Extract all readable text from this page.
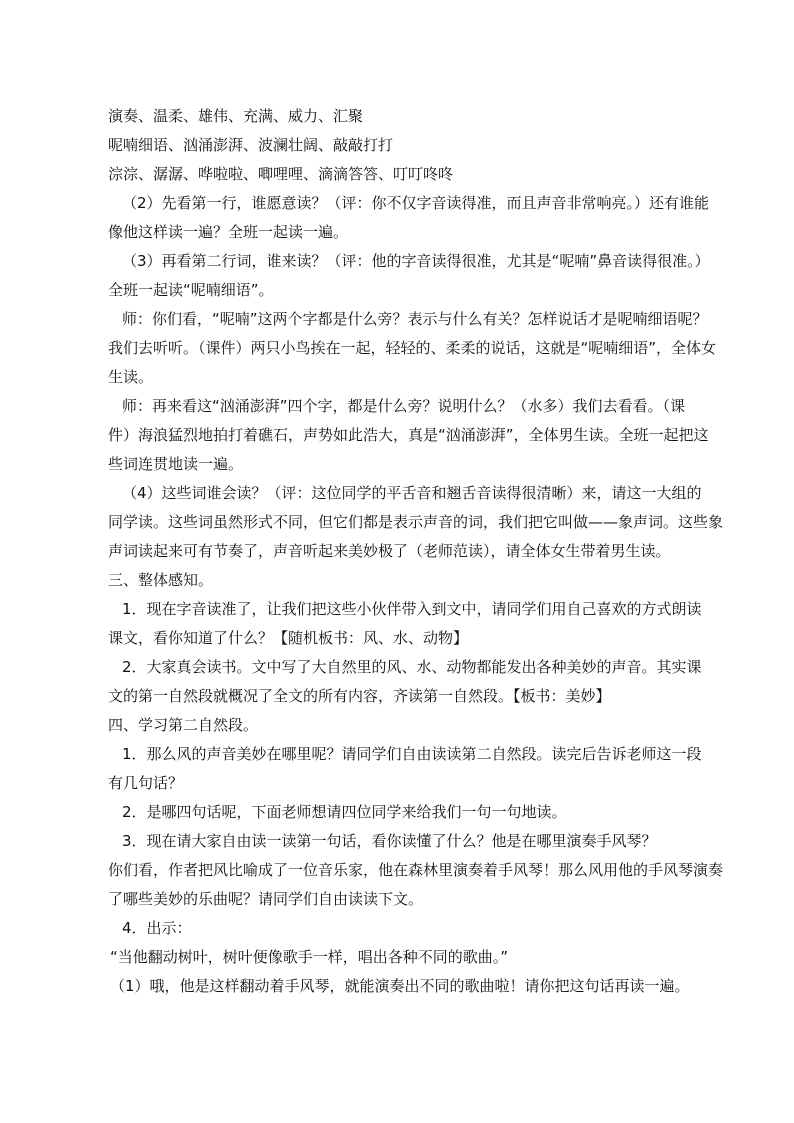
演奏、温柔、雄伟、充满、威力、汇聚
呢喃细语、汹涌澎湃、波澜壮阔、敲敲打打
淙淙、潺潺、哗啦啦、唧哩哩、滴滴答答、叮叮咚咚
（2）先看第一行，谁愿意读？（评：你不仅字音读得准，而且声音非常响亮。）还有谁能
像他这样读一遍？全班一起读一遍。
（3）再看第二行词，谁来读？（评：他的字音读得很准，尤其是“呢喃”鼻音读得很准。）
全班一起读“呢喃细语”。
师：你们看，“呢喃”这两个字都是什么旁？表示与什么有关？怎样说话才是呢喃细语呢？
我们去听听。（课件）两只小鸟挨在一起，轻轻的、柔柔的说话，这就是“呢喃细语”，全体女
生读。
师：再来看这“汹涌澎湃”四个字，都是什么旁？说明什么？（水多）我们去看看。（课
件）海浪猛烈地拍打着礁石，声势如此浩大，真是“汹涌澎湃”，全体男生读。全班一起把这
些词连贯地读一遍。
（4）这些词谁会读？（评：这位同学的平舌音和翘舌音读得很清晰）来，请这一大组的
同学读。这些词虽然形式不同，但它们都是表示声音的词，我们把它叫做——象声词。这些象
声词读起来可有节奏了，声音听起来美妙极了（老师范读），请全体女生带着男生读。
三、整体感知。
1．现在字音读准了，让我们把这些小伙伴带入到文中，请同学们用自己喜欢的方式朗读
课文，看你知道了什么？【随机板书：风、水、动物】
2．大家真会读书。文中写了大自然里的风、水、动物都能发出各种美妙的声音。其实课
文的第一自然段就概况了全文的所有内容，齐读第一自然段。【板书：美妙】
四、学习第二自然段。
1．那么风的声音美妙在哪里呢？请同学们自由读读第二自然段。读完后告诉老师这一段
有几句话？
2．是哪四句话呢，下面老师想请四位同学来给我们一句一句地读。
3．现在请大家自由读一读第一句话，看你读懂了什么？他是在哪里演奏手风琴？
你们看，作者把风比喻成了一位音乐家，他在森林里演奏着手风琴！那么风用他的手风琴演奏
了哪些美妙的乐曲呢？请同学们自由读读下文。
4．出示：
“当他翻动树叶，树叶便像歌手一样，唱出各种不同的歌曲。”
（1）哦，他是这样翻动着手风琴，就能演奏出不同的歌曲啦！请你把这句话再读一遍。
